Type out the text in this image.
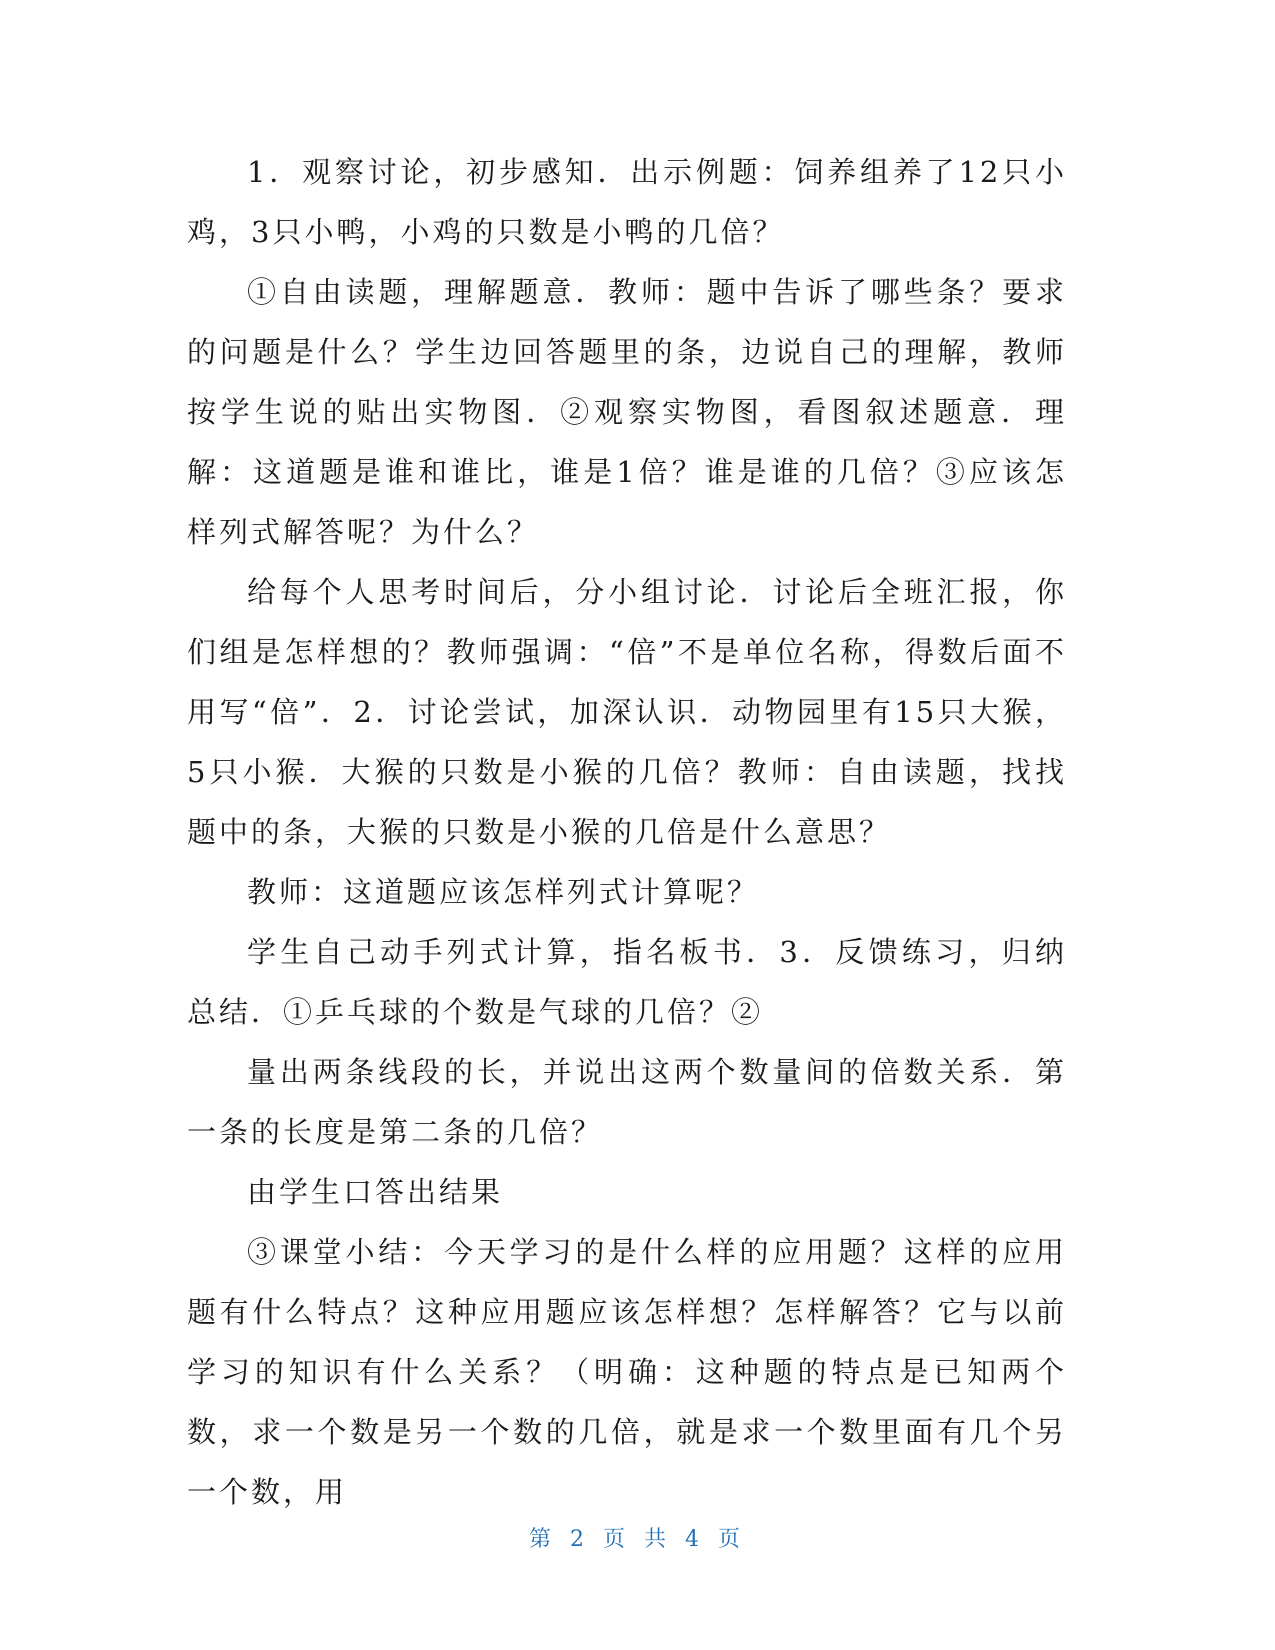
1．观察讨论，初步感知．出示例题：饲养组养了12只小鸡，3只小鸭，小鸡的只数是小鸭的几倍？

①自由读题，理解题意．教师：题中告诉了哪些条？要求的问题是什么？学生边回答题里的条，边说自己的理解，教师按学生说的贴出实物图．②观察实物图，看图叙述题意．理解：这道题是谁和谁比，谁是1倍？谁是谁的几倍？③应该怎样列式解答呢？为什么？

给每个人思考时间后，分小组讨论．讨论后全班汇报，你们组是怎样想的？教师强调：“倍”不是单位名称，得数后面不用写“倍”．2．讨论尝试，加深认识．动物园里有15只大猴，5只小猴．大猴的只数是小猴的几倍？教师：自由读题，找找题中的条，大猴的只数是小猴的几倍是什么意思？

教师：这道题应该怎样列式计算呢？

学生自己动手列式计算，指名板书．3．反馈练习，归纳总结．①乒乓球的个数是气球的几倍？②

量出两条线段的长，并说出这两个数量间的倍数关系．第一条的长度是第二条的几倍？

由学生口答出结果

③课堂小结：今天学习的是什么样的应用题？这样的应用题有什么特点？这种应用题应该怎样想？怎样解答？它与以前学习的知识有什么关系？（明确：这种题的特点是已知两个数，求一个数是另一个数的几倍，就是求一个数里面有几个另一个数，用

第 2 页 共 4 页
